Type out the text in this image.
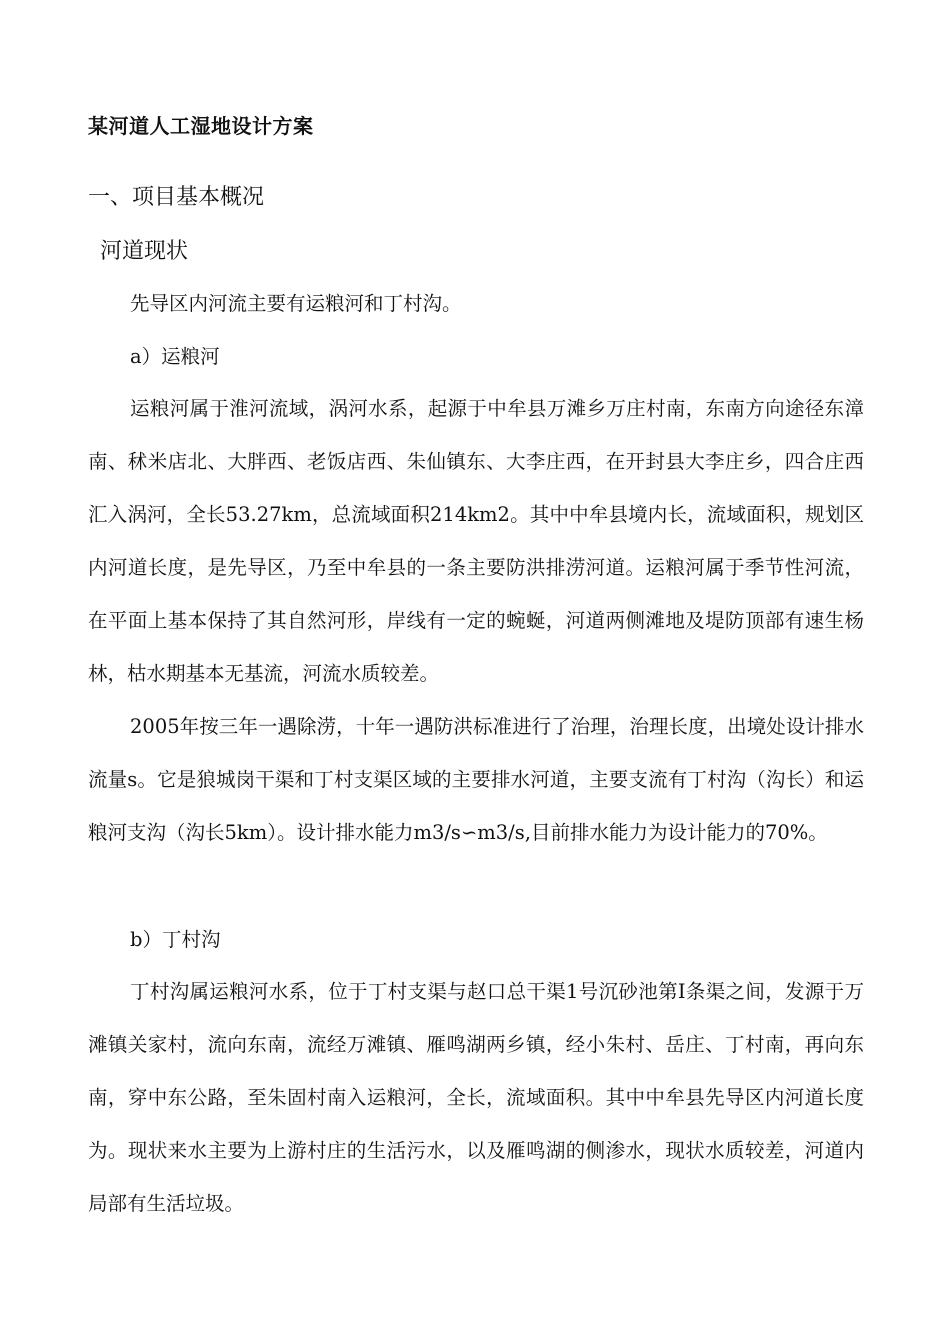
某河道人工湿地设计方案
一、项目基本概况
河道现状
先导区内河流主要有运粮河和丁村沟。
a）运粮河

运粮河属于淮河流域，涡河水系，起源于中牟县万滩乡万庄村南，东南方向途径东漳南、秫米店北、大胖西、老饭店西、朱仙镇东、大李庄西，在开封县大李庄乡，四合庄西汇入涡河，全长53.27km，总流域面积214km2。其中中牟县境内长，流域面积，规划区内河道长度，是先导区，乃至中牟县的一条主要防洪排涝河道。运粮河属于季节性河流，在平面上基本保持了其自然河形，岸线有一定的蜿蜒，河道两侧滩地及堤防顶部有速生杨林，枯水期基本无基流，河流水质较差。

2005年按三年一遇除涝，十年一遇防洪标准进行了治理，治理长度，出境处设计排水流量s。它是狼城岗干渠和丁村支渠区域的主要排水河道，主要支流有丁村沟（沟长）和运粮河支沟（沟长5km）。设计排水能力m3/s∽m3/s,目前排水能力为设计能力的70%。

b）丁村沟

丁村沟属运粮河水系，位于丁村支渠与赵口总干渠1号沉砂池第Ⅰ条渠之间，发源于万滩镇关家村，流向东南，流经万滩镇、雁鸣湖两乡镇，经小朱村、岳庄、丁村南，再向东南，穿中东公路，至朱固村南入运粮河，全长，流域面积。其中中牟县先导区内河道长度为。现状来水主要为上游村庄的生活污水，以及雁鸣湖的侧渗水，现状水质较差，河道内局部有生活垃圾。
